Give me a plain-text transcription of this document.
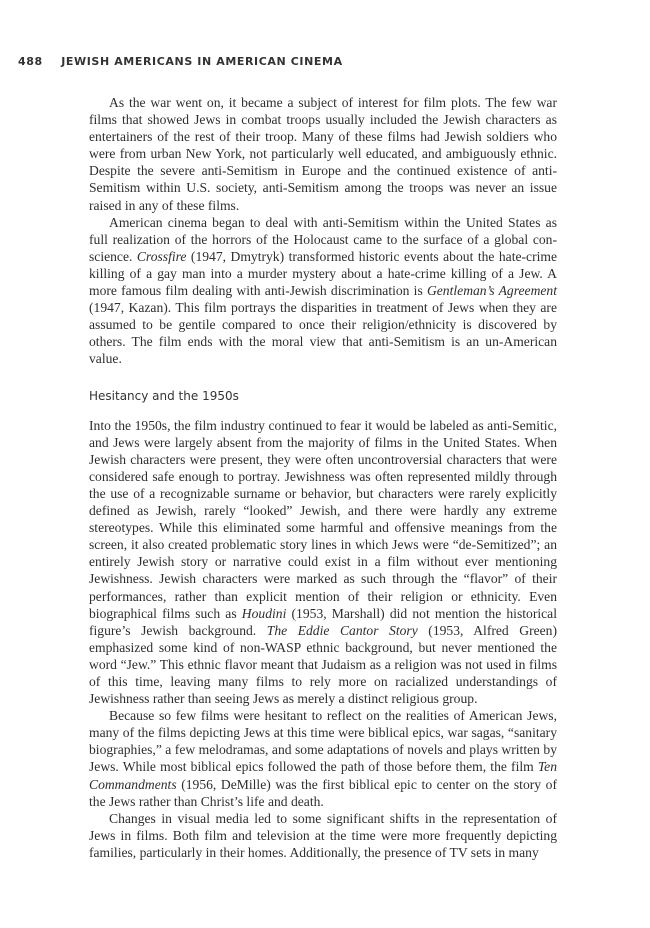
488 JEWISH AMERICANS IN AMERICAN CINEMA

As the war went on, it became a subject of interest for film plots. The few war films that showed Jews in combat troops usually included the Jewish characters as entertainers of the rest of their troop. Many of these films had Jewish soldiers who were from urban New York, not particularly well educated, and ambiguously ethnic. Despite the severe anti-Semitism in Europe and the continued existence of anti-Semitism within U.S. society, anti-Semitism among the troops was never an issue raised in any of these films.

American cinema began to deal with anti-Semitism within the United States as full realization of the horrors of the Holocaust came to the surface of a global conscience. Crossfire (1947, Dmytryk) transformed historic events about the hate-crime killing of a gay man into a murder mystery about a hate-crime killing of a Jew. A more famous film dealing with anti-Jewish discrimination is Gentleman’s Agreement (1947, Kazan). This film portrays the disparities in treatment of Jews when they are assumed to be gentile compared to once their religion/ethnicity is discovered by others. The film ends with the moral view that anti-Semitism is an un-American value.

Hesitancy and the 1950s

Into the 1950s, the film industry continued to fear it would be labeled as anti-Semitic, and Jews were largely absent from the majority of films in the United States. When Jewish characters were present, they were often uncontroversial characters that were considered safe enough to portray. Jewishness was often represented mildly through the use of a recognizable surname or behavior, but characters were rarely explicitly defined as Jewish, rarely “looked” Jewish, and there were hardly any extreme stereotypes. While this eliminated some harmful and offensive meanings from the screen, it also created problematic story lines in which Jews were “de-Semitized”; an entirely Jewish story or narrative could exist in a film without ever mentioning Jewishness. Jewish characters were marked as such through the “flavor” of their performances, rather than explicit mention of their religion or ethnicity. Even biographical films such as Houdini (1953, Marshall) did not mention the historical figure’s Jewish background. The Eddie Cantor Story (1953, Alfred Green) emphasized some kind of non-WASP ethnic background, but never mentioned the word “Jew.” This ethnic flavor meant that Judaism as a religion was not used in films of this time, leaving many films to rely more on racialized understandings of Jewishness rather than seeing Jews as merely a distinct religious group.

Because so few films were hesitant to reflect on the realities of American Jews, many of the films depicting Jews at this time were biblical epics, war sagas, “sanitary biographies,” a few melodramas, and some adaptations of novels and plays written by Jews. While most biblical epics followed the path of those before them, the film Ten Commandments (1956, DeMille) was the first biblical epic to center on the story of the Jews rather than Christ’s life and death.

Changes in visual media led to some significant shifts in the representation of Jews in films. Both film and television at the time were more frequently depicting families, particularly in their homes. Additionally, the presence of TV sets in many
